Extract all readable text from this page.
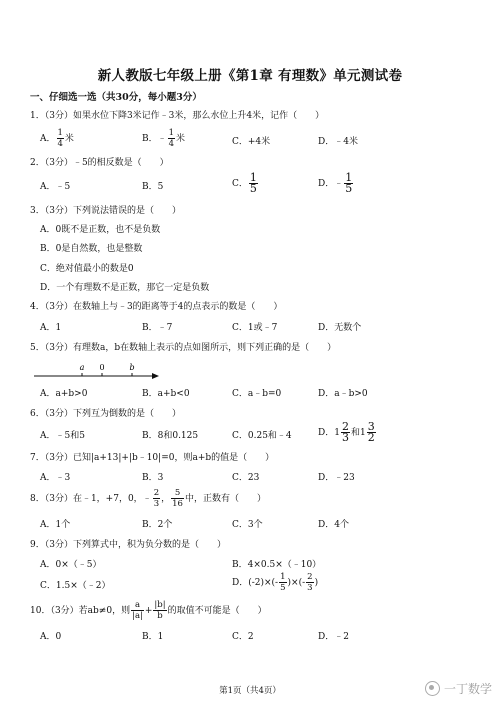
新人教版七年级上册《第1章 有理数》单元测试卷
一、仔细选一选（共30分，每小题3分）
1．（3分）如果水位下降3米记作﹣3米，那么水位上升4米，记作（　　）
A． $\frac{1}{4}$ 米	B．﹣ $\frac{1}{4}$ 米	C．+4米	D．﹣4米
2．（3分）﹣5的相反数是（　　）
A．﹣5	B．5	C． $\frac{1}{5}$	D．﹣ $\frac{1}{5}$
3．（3分）下列说法错误的是（　　）
A．0既不是正数，也不是负数
B．0是自然数，也是整数
C．绝对值最小的数是0
D．一个有理数不是正数，那它一定是负数
4．（3分）在数轴上与﹣3的距离等于4的点表示的数是（　　）
A．1	B．﹣7	C．1或﹣7	D．无数个
5．（3分）有理数a，b在数轴上表示的点如图所示，则下列正确的是（　　）
a 0	b
A．a+b>0	B．a+b<0	C．a﹣b=0	D．a﹣b>0
6．（3分）下列互为倒数的是（　　）
A．﹣5和5	B．8和0.125	C．0.25和﹣4	D．$1 \frac{2}{3}$ 和$1 \frac{3}{2}$
7．（3分）已知|a+13|+|b﹣10|=0，则a+b的值是（　　）
A．﹣3	B．3	C．23	D．﹣23
8．（3分）在﹣1，+7，0，﹣ $\frac{2}{3}$ ， $\frac{5}{16}$ 中，正数有（　　）
A．1个	B．2个	C．3个	D．4个
9．（3分）下列算式中，积为负分数的是（　　）
A．0×（﹣5）	B．4×0.5×（﹣10）
C．1.5×（﹣2）	D．$(-2)\times(- \frac{1}{5}$ )×(- $\frac{2}{3}$ )
10．（3分）若ab≠0，则 $\frac{a}{|a|} + \frac{|b|}{b}$ 的取值不可能是（　　）
A．0	B．1	C．2	D．﹣2
第1页（共4页）	一丁数学
